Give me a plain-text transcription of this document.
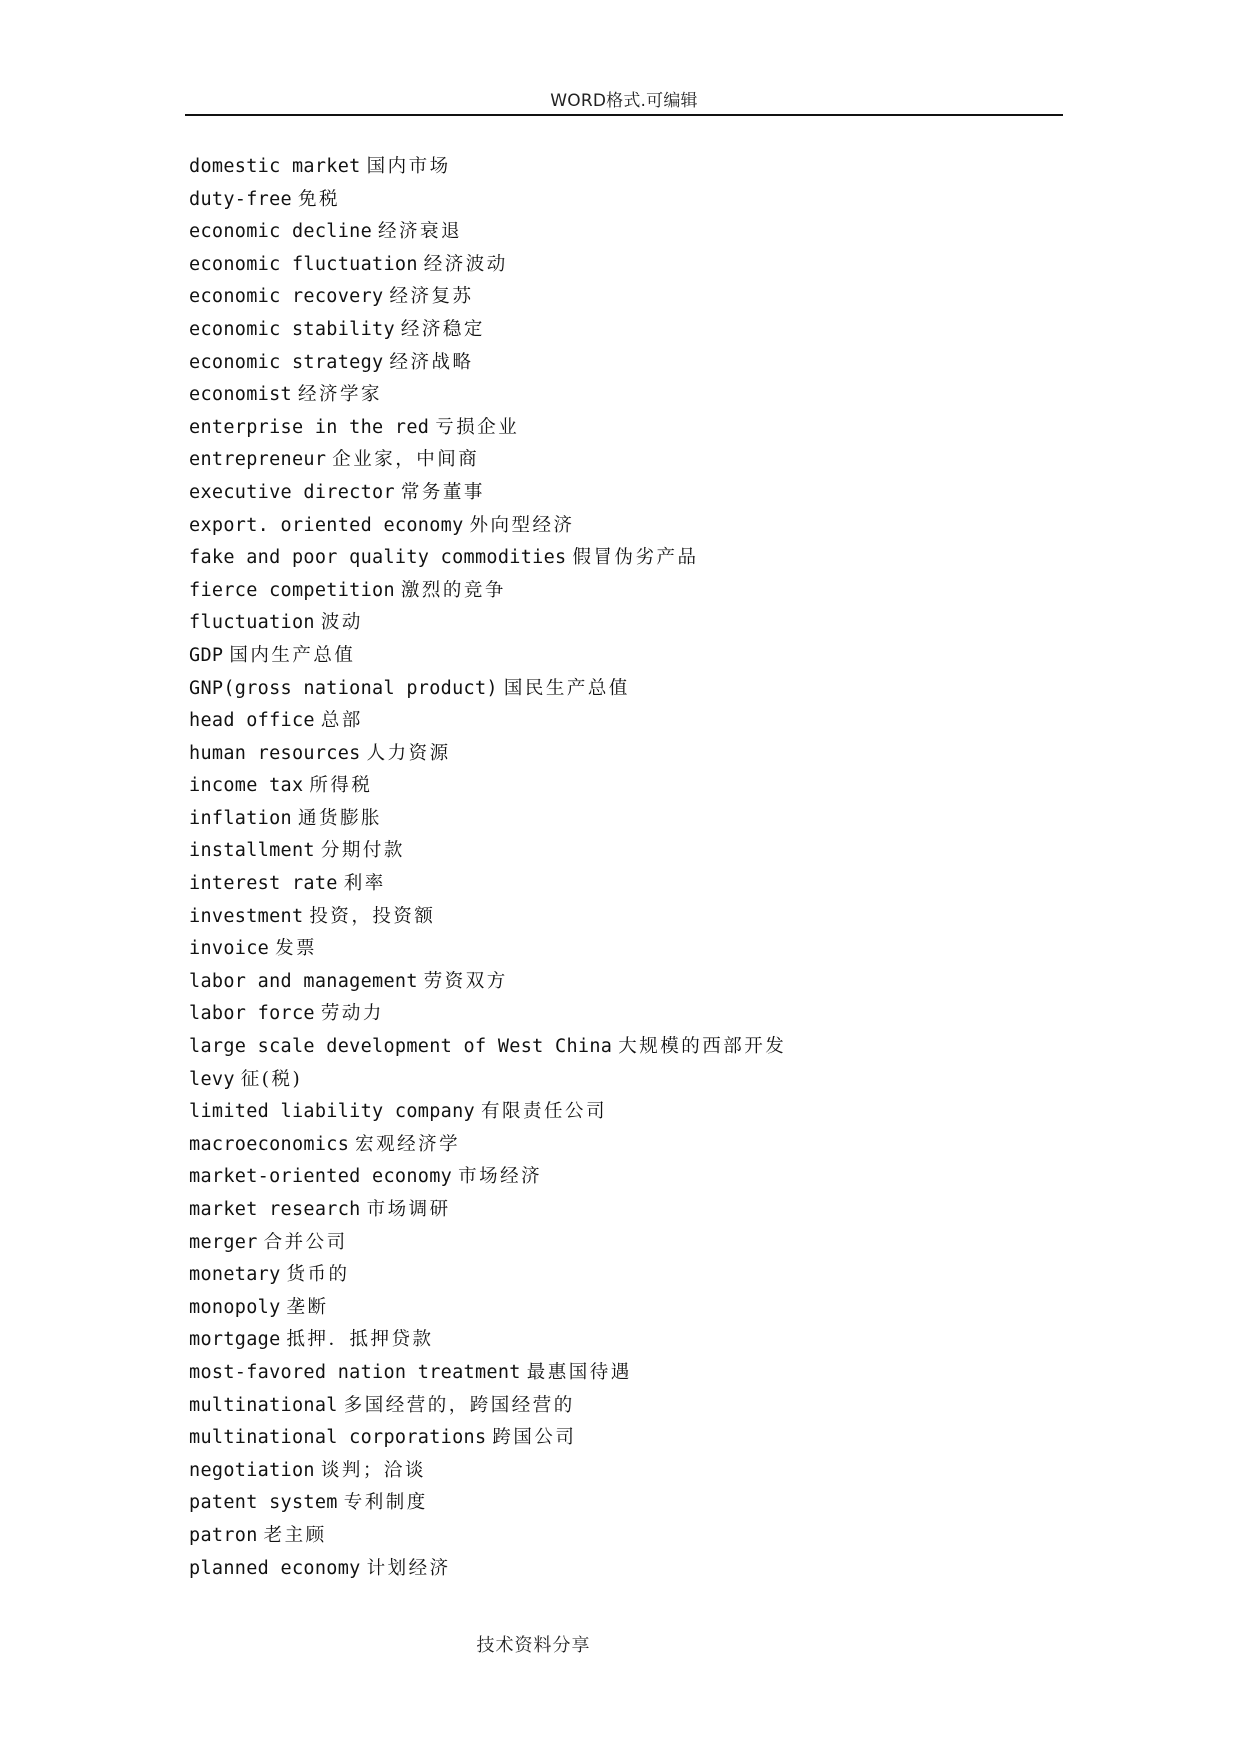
WORD格式.可编辑
domestic market 国内市场
duty-free 免税
economic decline 经济衰退
economic fluctuation 经济波动
economic recovery 经济复苏
economic stability 经济稳定
economic strategy 经济战略
economist 经济学家
enterprise in the red 亏损企业
entrepreneur 企业家，中间商
executive director 常务董事
export. oriented economy 外向型经济
fake and poor quality commodities 假冒伪劣产品
fierce competition 激烈的竞争
fluctuation 波动
GDP 国内生产总值
GNP(gross national product) 国民生产总值
head office 总部
human resources 人力资源
income tax 所得税
inflation 通货膨胀
installment 分期付款
interest rate 利率
investment 投资，投资额
invoice 发票
labor and management 劳资双方
labor force 劳动力
large scale development of West China 大规模的西部开发
levy 征(税)
limited liability company 有限责任公司
macroeconomics 宏观经济学
market-oriented economy 市场经济
market research 市场调研
merger 合并公司
monetary 货币的
monopoly 垄断
mortgage 抵押．抵押贷款
most-favored nation treatment 最惠国待遇
multinational 多国经营的，跨国经营的
multinational corporations 跨国公司
negotiation 谈判；洽谈
patent system 专利制度
patron 老主顾
planned economy 计划经济
技术资料分享
